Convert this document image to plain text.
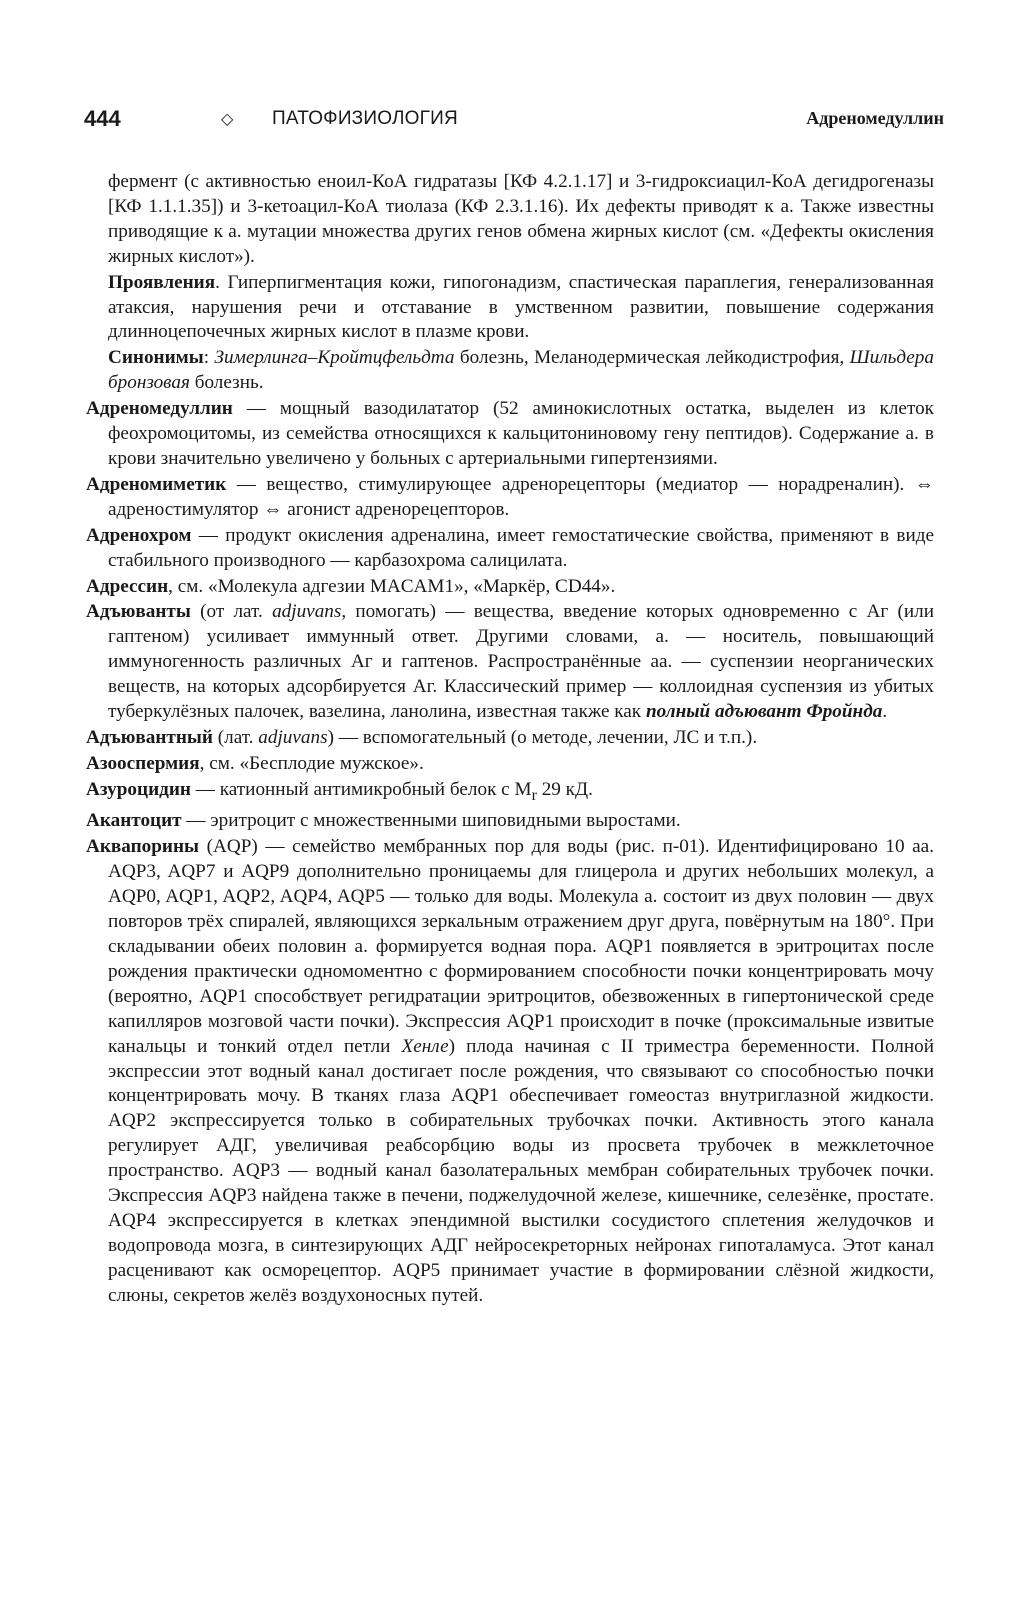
444	◇ ПАТОФИЗИОЛОГИЯ	Адреномедуллин

фермент (с активностью еноил-КоА гидратазы [КФ 4.2.1.17] и 3-гидроксиацил-КоА дегидрогеназы [КФ 1.1.1.35]) и 3-кетоацил-КоА тиолаза (КФ 2.3.1.16). Их дефекты приводят к а. Также известны приводящие к а. мутации множества других генов обмена жирных кислот (см. «Дефекты окисления жирных кислот»).

Проявления. Гиперпигментация кожи, гипогонадизм, спастическая параплегия, генерализованная атаксия, нарушения речи и отставание в умственном развитии, повышение содержания длинноцепочечных жирных кислот в плазме крови.

Синонимы: Зимерлинга–Кройтцфельдта болезнь, Меланодермическая лейкодистрофия, Шильдера бронзовая болезнь.

Адреномедуллин — мощный вазодилататор (52 аминокислотных остатка, выделен из клеток феохромоцитомы, из семейства относящихся к кальцитониновому гену пептидов). Содержание а. в крови значительно увеличено у больных с артериальными гипертензиями.

Адреномиметик — вещество, стимулирующее адренорецепторы (медиатор — норадреналин). ⇔ адреностимулятор ⇔ агонист адренорецепторов.

Адренохром — продукт окисления адреналина, имеет гемостатические свойства, применяют в виде стабильного производного — карбазохрома салицилата.

Адрессин, см. «Молекула адгезии MACAM1», «Маркёр, CD44».

Адъюванты (от лат. adjuvans, помогать) — вещества, введение которых одновременно с Аг (или гаптеном) усиливает иммунный ответ. Другими словами, а. — носитель, повышающий иммуногенность различных Аг и гаптенов. Распространённые аа. — суспензии неорганических веществ, на которых адсорбируется Аг. Классический пример — коллоидная суспензия из убитых туберкулёзных палочек, вазелина, ланолина, известная также как полный адъювант Фройнда.

Адъювантный (лат. adjuvans) — вспомогательный (о методе, лечении, ЛС и т.п.).

Азооспермия, см. «Бесплодие мужское».

Азуроцидин — катионный антимикробный белок с $M_r$ 29 кД.

Акантоцит — эритроцит с множественными шиповидными выростами.

Аквапорины (AQP) — семейство мембранных пор для воды (рис. п-01). Идентифицировано 10 аа. AQP3, AQP7 и AQP9 дополнительно проницаемы для глицерола и других небольших молекул, а AQP0, AQP1, AQP2, AQP4, AQP5 — только для воды. Молекула а. состоит из двух половин — двух повторов трёх спиралей, являющихся зеркальным отражением друг друга, повёрнутым на 180°. При складывании обеих половин а. формируется водная пора. AQP1 появляется в эритроцитах после рождения практически одномоментно с формированием способности почки концентрировать мочу (вероятно, AQP1 способствует регидратации эритроцитов, обезвоженных в гипертонической среде капилляров мозговой части почки). Экспрессия AQP1 происходит в почке (проксимальные извитые канальцы и тонкий отдел петли Хенле) плода начиная с II триместра беременности. Полной экспрессии этот водный канал достигает после рождения, что связывают со способностью почки концентрировать мочу. В тканях глаза AQP1 обеспечивает гомеостаз внутриглазной жидкости. AQP2 экспрессируется только в собирательных трубочках почки. Активность этого канала регулирует АДГ, увеличивая реабсорбцию воды из просвета трубочек в межклеточное пространство. AQP3 — водный канал базолатеральных мембран собирательных трубочек почки. Экспрессия AQP3 найдена также в печени, поджелудочной железе, кишечнике, селезёнке, простате. AQP4 экспрессируется в клетках эпендимной выстилки сосудистого сплетения желудочков и водопровода мозга, в синтезирующих АДГ нейросекреторных нейронах гипоталамуса. Этот канал расценивают как осморецептор. AQP5 принимает участие в формировании слёзной жидкости, слюны, секретов желёз воздухоносных путей.
